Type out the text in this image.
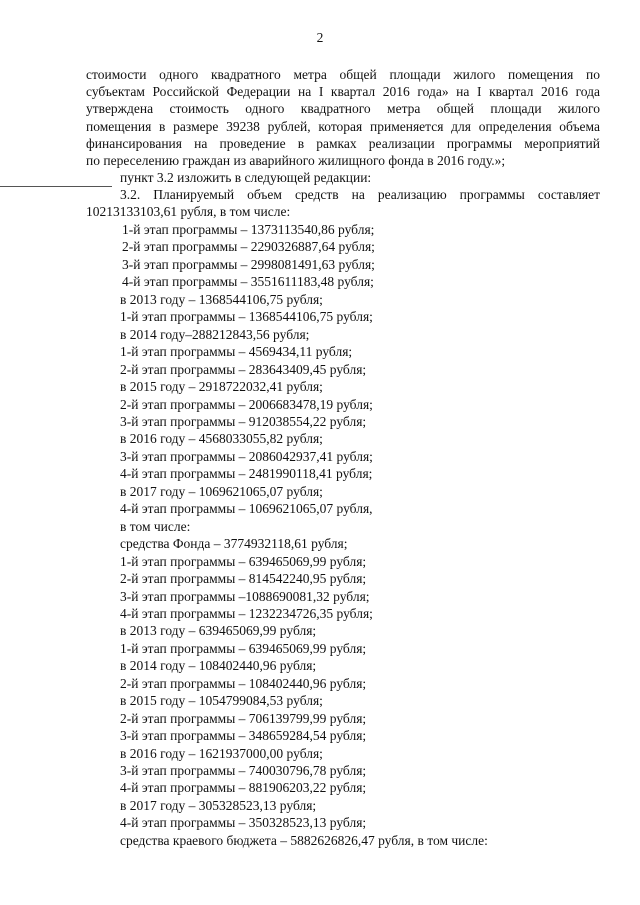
2
стоимости одного квадратного метра общей площади жилого помещения по
субъектам Российской Федерации на I квартал 2016 года» на I квартал 2016 года
утверждена стоимость одного квадратного метра общей площади жилого
помещения в размере 39238 рублей, которая применяется для определения объема
финансирования на проведение в рамках реализации программы мероприятий
по переселению граждан из аварийного жилищного фонда в 2016 году.»;
пункт 3.2 изложить в следующей редакции:
3.2. Планируемый объем средств на реализацию программы составляет
10213133103,61 рубля, в том числе:
1-й этап программы – 1373113540,86 рубля;
2-й этап программы – 2290326887,64 рубля;
3-й этап программы – 2998081491,63 рубля;
4-й этап программы – 3551611183,48 рубля;
в 2013 году – 1368544106,75 рубля;
1-й этап программы – 1368544106,75 рубля;
в 2014 году–288212843,56 рубля;
1-й этап программы – 4569434,11 рубля;
2-й этап программы – 283643409,45 рубля;
в 2015 году – 2918722032,41 рубля;
2-й этап программы – 2006683478,19 рубля;
3-й этап программы – 912038554,22 рубля;
в 2016 году – 4568033055,82 рубля;
3-й этап программы – 2086042937,41 рубля;
4-й этап программы – 2481990118,41 рубля;
в 2017 году – 1069621065,07 рубля;
4-й этап программы – 1069621065,07 рубля,
в том числе:
средства Фонда – 3774932118,61 рубля;
1-й этап программы – 639465069,99 рубля;
2-й этап программы – 814542240,95 рубля;
3-й этап программы –1088690081,32 рубля;
4-й этап программы – 1232234726,35 рубля;
в 2013 году – 639465069,99 рубля;
1-й этап программы – 639465069,99 рубля;
в 2014 году – 108402440,96 рубля;
2-й этап программы – 108402440,96 рубля;
в 2015 году – 1054799084,53 рубля;
2-й этап программы – 706139799,99 рубля;
3-й этап программы – 348659284,54 рубля;
в 2016 году – 1621937000,00 рубля;
3-й этап программы – 740030796,78 рубля;
4-й этап программы – 881906203,22 рубля;
в 2017 году – 305328523,13 рубля;
4-й этап программы – 350328523,13 рубля;
средства краевого бюджета – 5882626826,47 рубля, в том числе:
